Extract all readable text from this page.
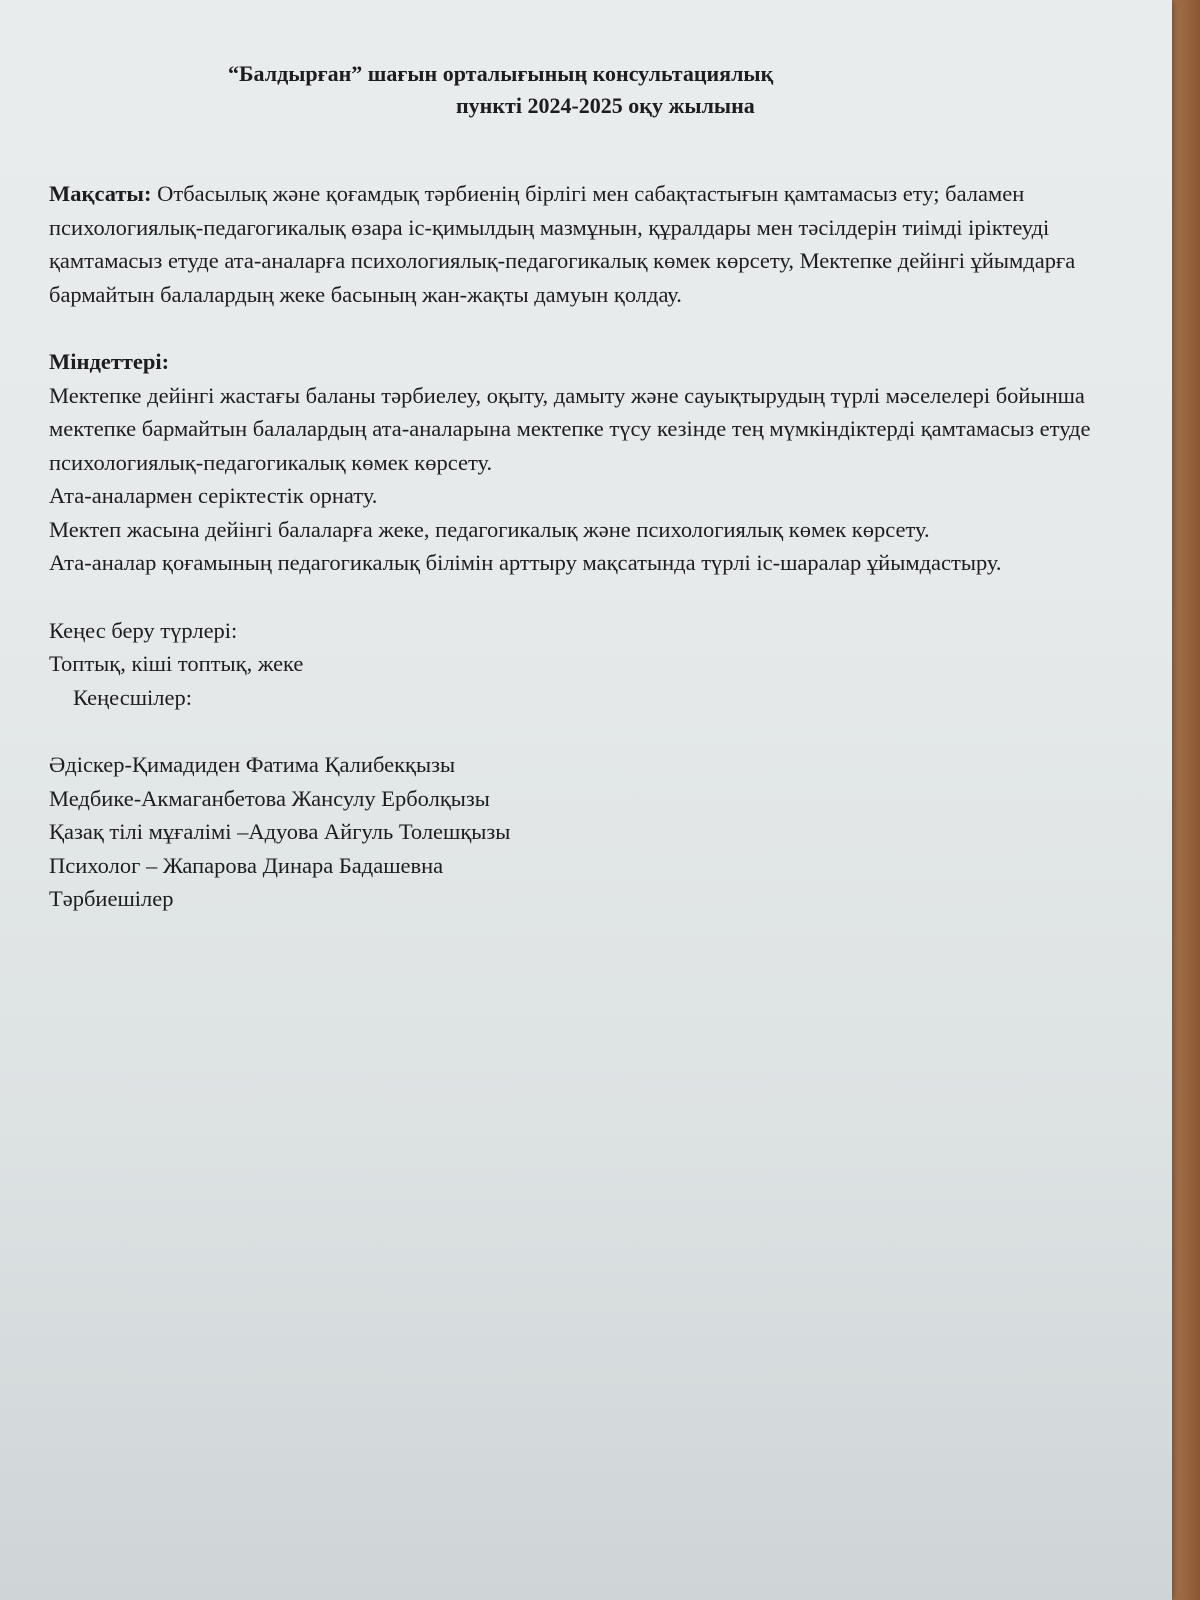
“Балдырған” шағын орталығының консультациялық
пункті 2024-2025 оқу жылына

Мақсаты: Отбасылық және қоғамдық тәрбиенің бірлігі мен сабақтастығын қамтамасыз ету; баламен психологиялық-педагогикалық өзара іс-қимылдың мазмұнын, құралдары мен тәсілдерін тиімді іріктеуді қамтамасыз етуде ата-аналарға психологиялық-педагогикалық көмек көрсету, Мектепке дейінгі ұйымдарға бармайтын балалардың жеке басының жан-жақты дамуын қолдау.

Міндеттері:

Мектепке дейінгі жастағы баланы тәрбиелеу, оқыту, дамыту және сауықтырудың түрлі мәселелері бойынша мектепке бармайтын балалардың ата-аналарына мектепке түсу кезінде тең мүмкіндіктерді қамтамасыз етуде психологиялық-педагогикалық көмек көрсету.

Ата-аналармен серіктестік орнату.

Мектеп жасына дейінгі балаларға жеке, педагогикалық және психологиялық көмек көрсету.

Ата-аналар қоғамының педагогикалық білімін арттыру мақсатында түрлі іс-шаралар ұйымдастыру.

Кеңес беру түрлері:

Топтық, кіші топтық, жеке

Кеңесшілер:

Әдіскер-Қимадиден Фатима Қалибекқызы
Медбике-Акмаганбетова Жансулу Ерболқызы
Қазақ тілі мұғалімі –Адуова Айгуль Толешқызы
Психолог – Жапарова Динара Бадашевна
Тәрбиешілер
